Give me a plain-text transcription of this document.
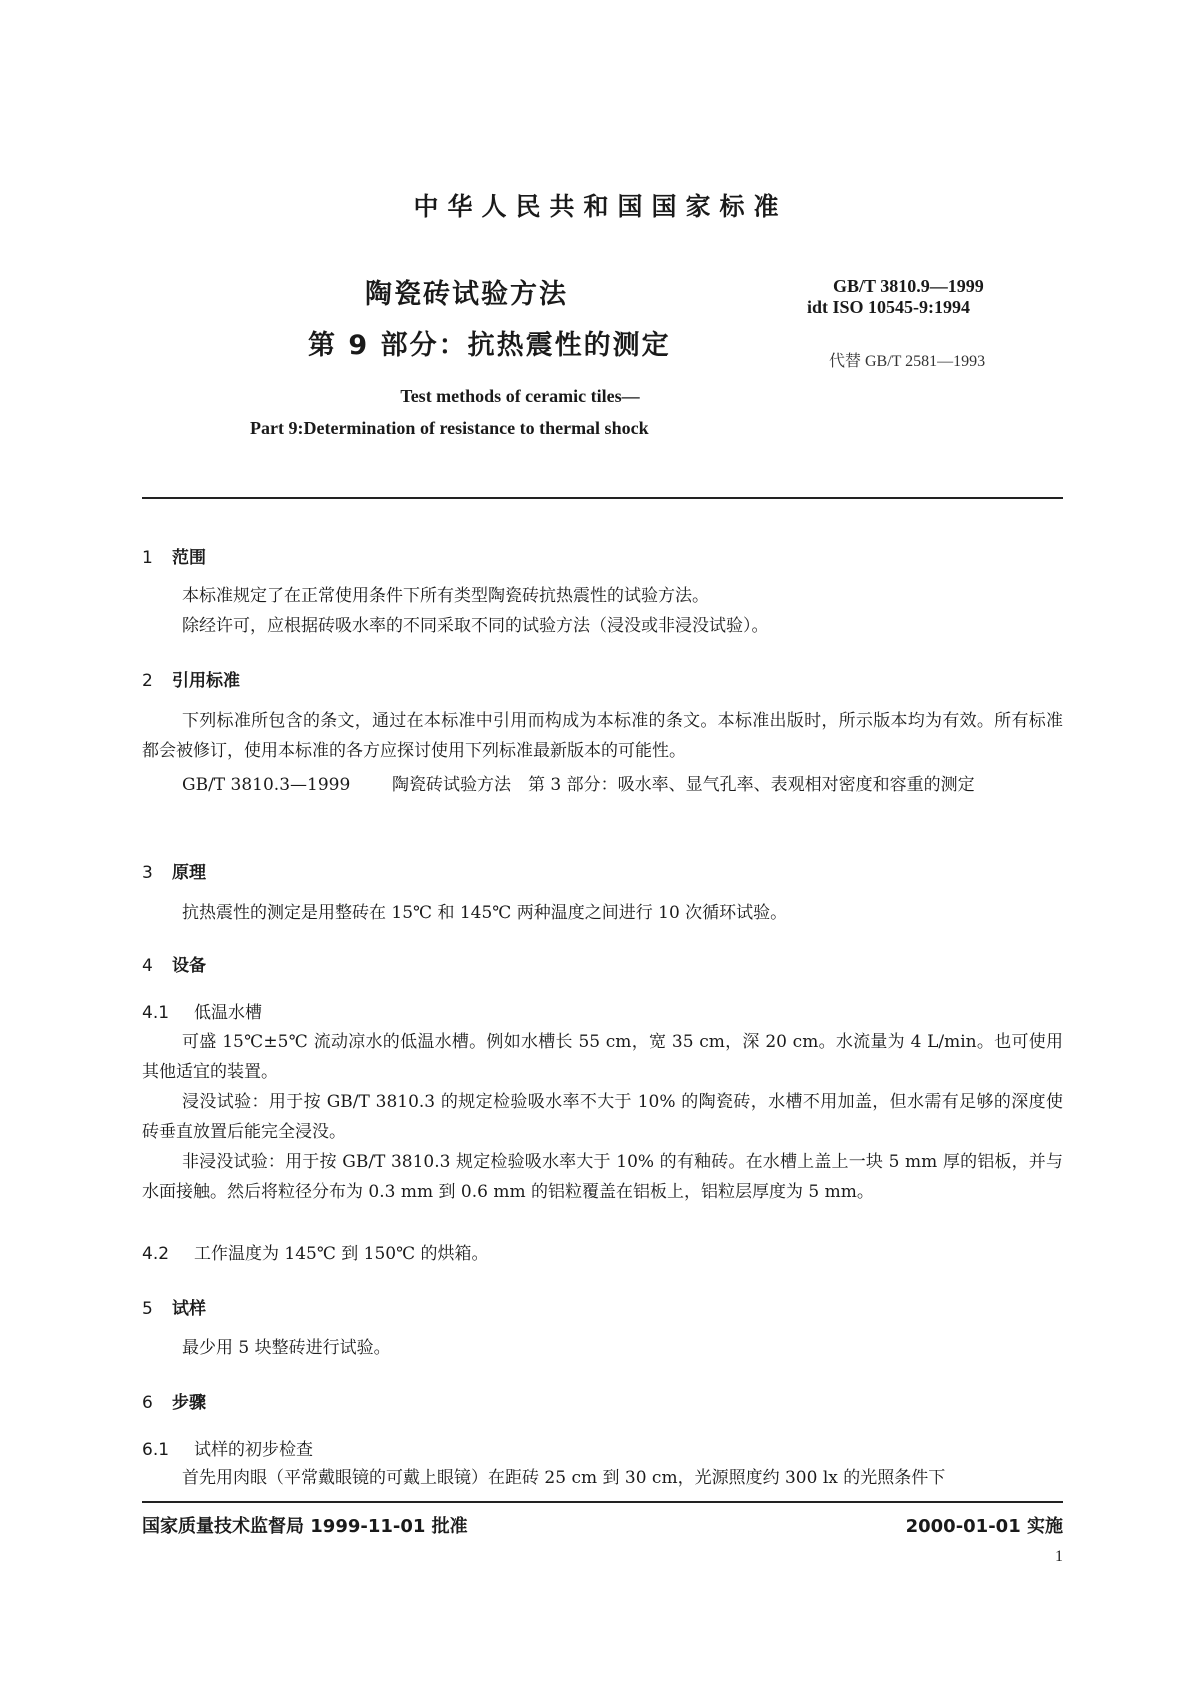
中华人民共和国国家标准
陶瓷砖试验方法
第 9 部分：抗热震性的测定
GB/T 3810.9—1999
idt ISO 10545-9:1994
代替 GB/T 2581—1993
Test methods of ceramic tiles—
Part 9:Determination of resistance to thermal shock
1 范围
本标准规定了在正常使用条件下所有类型陶瓷砖抗热震性的试验方法。
除经许可，应根据砖吸水率的不同采取不同的试验方法（浸没或非浸没试验）。
2 引用标准
下列标准所包含的条文，通过在本标准中引用而构成为本标准的条文。本标准出版时，所示版本均为有效。所有标准都会被修订，使用本标准的各方应探讨使用下列标准最新版本的可能性。
GB/T 3810.3—1999	陶瓷砖试验方法　第 3 部分：吸水率、显气孔率、表观相对密度和容重的测定
3 原理
抗热震性的测定是用整砖在 15℃ 和 145℃ 两种温度之间进行 10 次循环试验。
4 设备
4.1 低温水槽
可盛 15℃±5℃ 流动凉水的低温水槽。例如水槽长 55 cm，宽 35 cm，深 20 cm。水流量为 4 L/min。也可使用其他适宜的装置。
浸没试验：用于按 GB/T 3810.3 的规定检验吸水率不大于 10% 的陶瓷砖，水槽不用加盖，但水需有足够的深度使砖垂直放置后能完全浸没。
非浸没试验：用于按 GB/T 3810.3 规定检验吸水率大于 10% 的有釉砖。在水槽上盖上一块 5 mm 厚的铝板，并与水面接触。然后将粒径分布为 0.3 mm 到 0.6 mm 的铝粒覆盖在铝板上，铝粒层厚度为 5 mm。
4.2 工作温度为 145℃ 到 150℃ 的烘箱。
5 试样
最少用 5 块整砖进行试验。
6 步骤
6.1 试样的初步检查
首先用肉眼（平常戴眼镜的可戴上眼镜）在距砖 25 cm 到 30 cm，光源照度约 300 lx 的光照条件下
国家质量技术监督局 1999-11-01 批准	2000-01-01 实施
1
